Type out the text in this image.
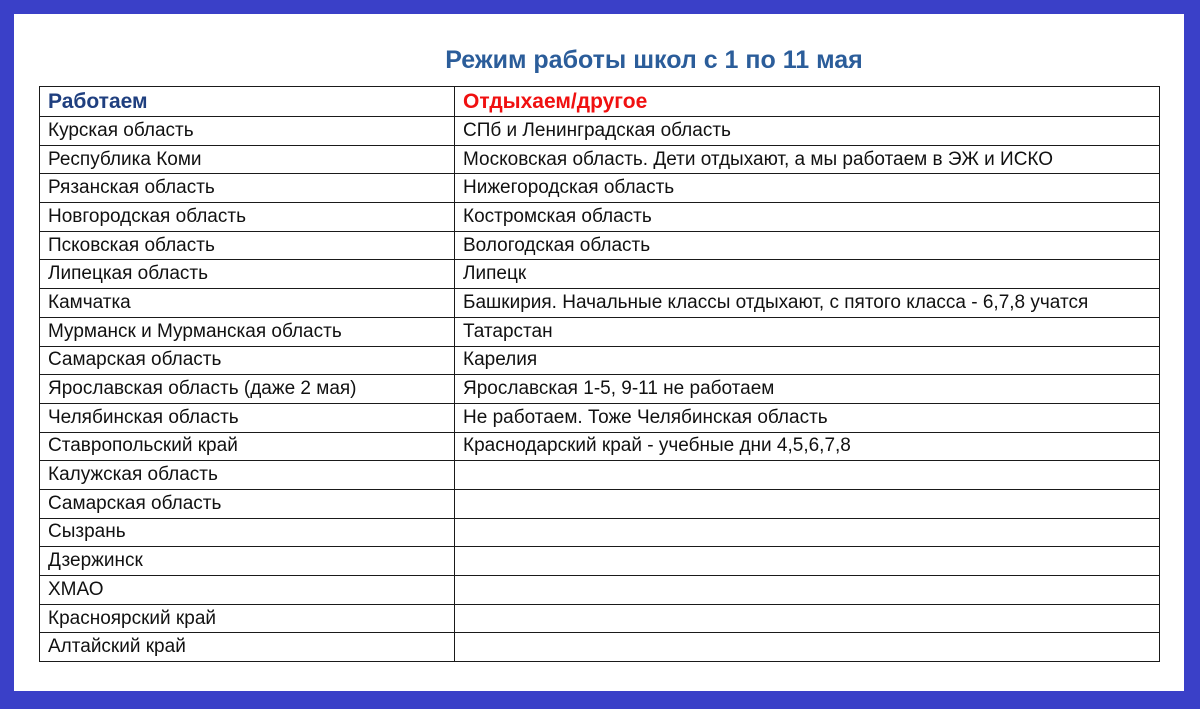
Режим работы школ с 1 по 11 мая
Работаем	Отдыхаем/другое
Курская область	СПб и Ленинградская область
Республика Коми	Московская область. Дети отдыхают, а мы работаем в ЭЖ и ИСКО
Рязанская область	Нижегородская область
Новгородская область	Костромская область
Псковская область	Вологодская область
Липецкая область	Липецк
Камчатка	Башкирия. Начальные классы отдыхают, с пятого класса - 6,7,8 учатся
Мурманск и Мурманская область	Татарстан
Самарская область	Карелия
Ярославская область (даже 2 мая)	Ярославская 1-5, 9-11 не работаем
Челябинская область	Не работаем. Тоже Челябинская область
Ставропольский край	Краснодарский край - учебные дни 4,5,6,7,8
Калужская область	
Самарская область	
Сызрань	
Дзержинск	
ХМАО	
Красноярский край	
Алтайский край	
